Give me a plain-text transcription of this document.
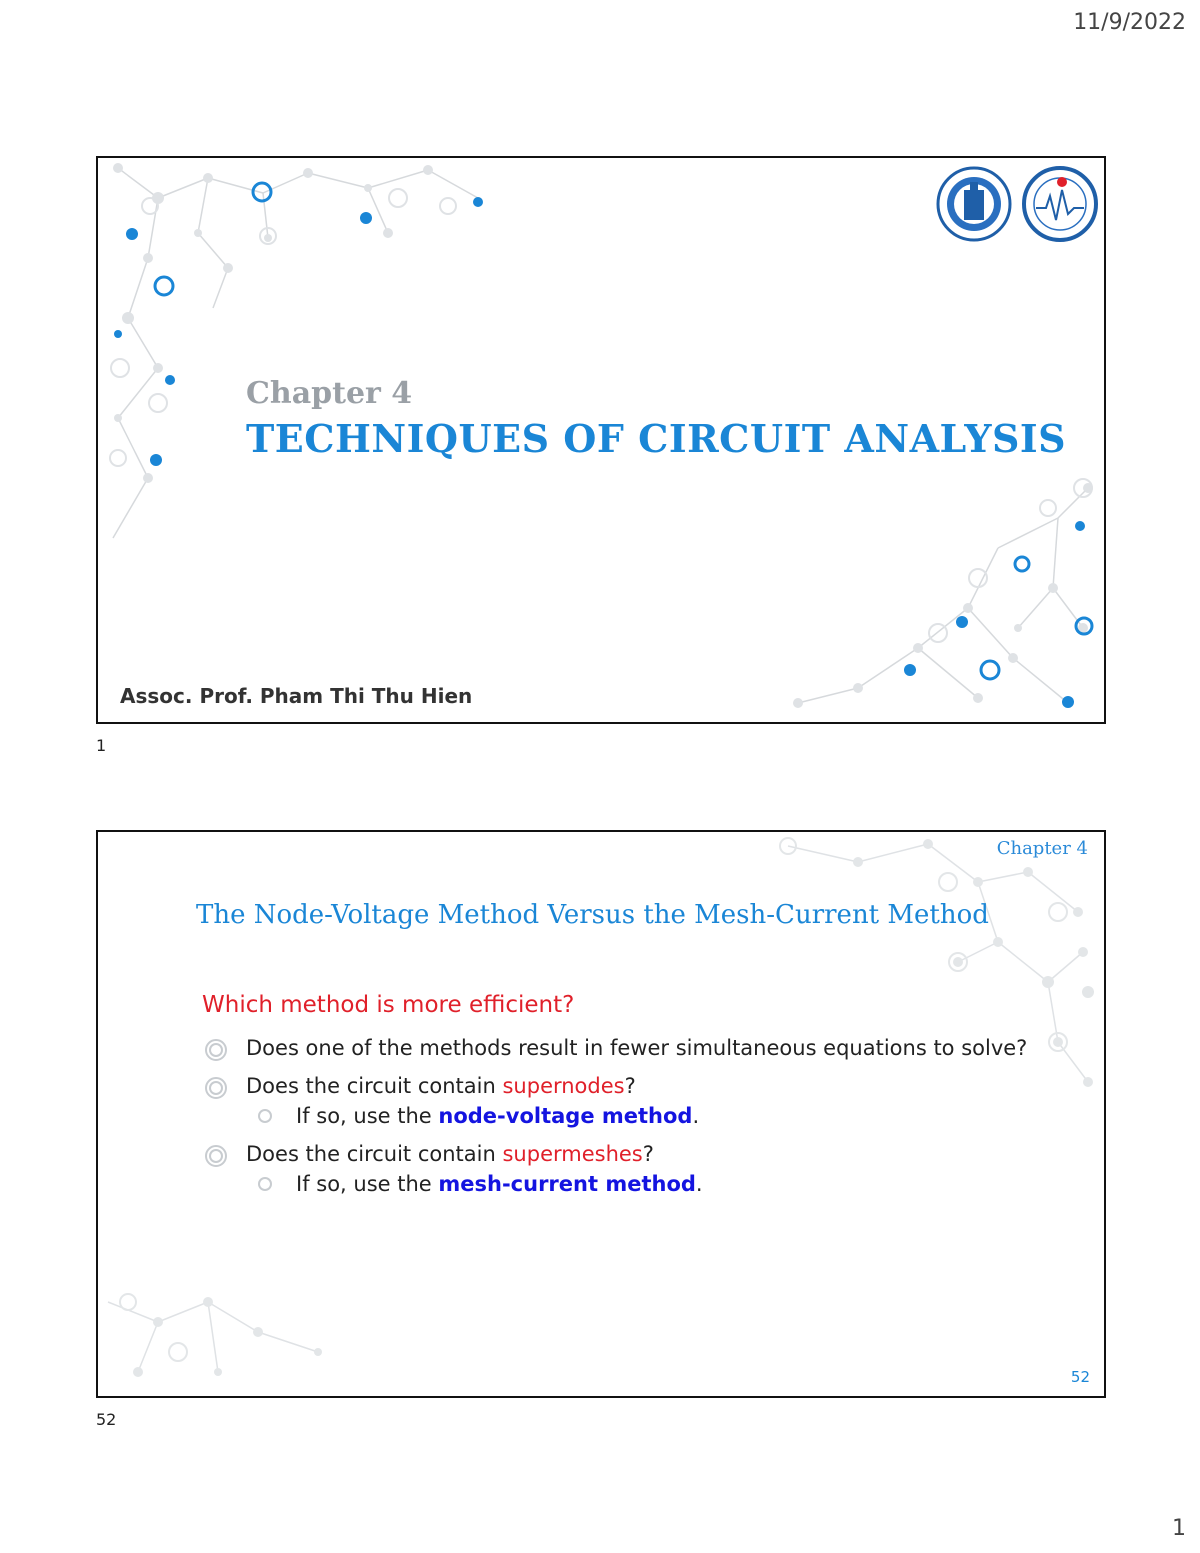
11/9/2022
Chapter 4
TECHNIQUES OF CIRCUIT ANALYSIS
Assoc. Prof. Pham Thi Thu Hien
1
Chapter 4
The Node-Voltage Method Versus the Mesh-Current Method
Which method is more efficient?
Does one of the methods result in fewer simultaneous equations to solve?
Does the circuit contain supernodes?
If so, use the node-voltage method.
Does the circuit contain supermeshes?
If so, use the mesh-current method.
52
52
1
